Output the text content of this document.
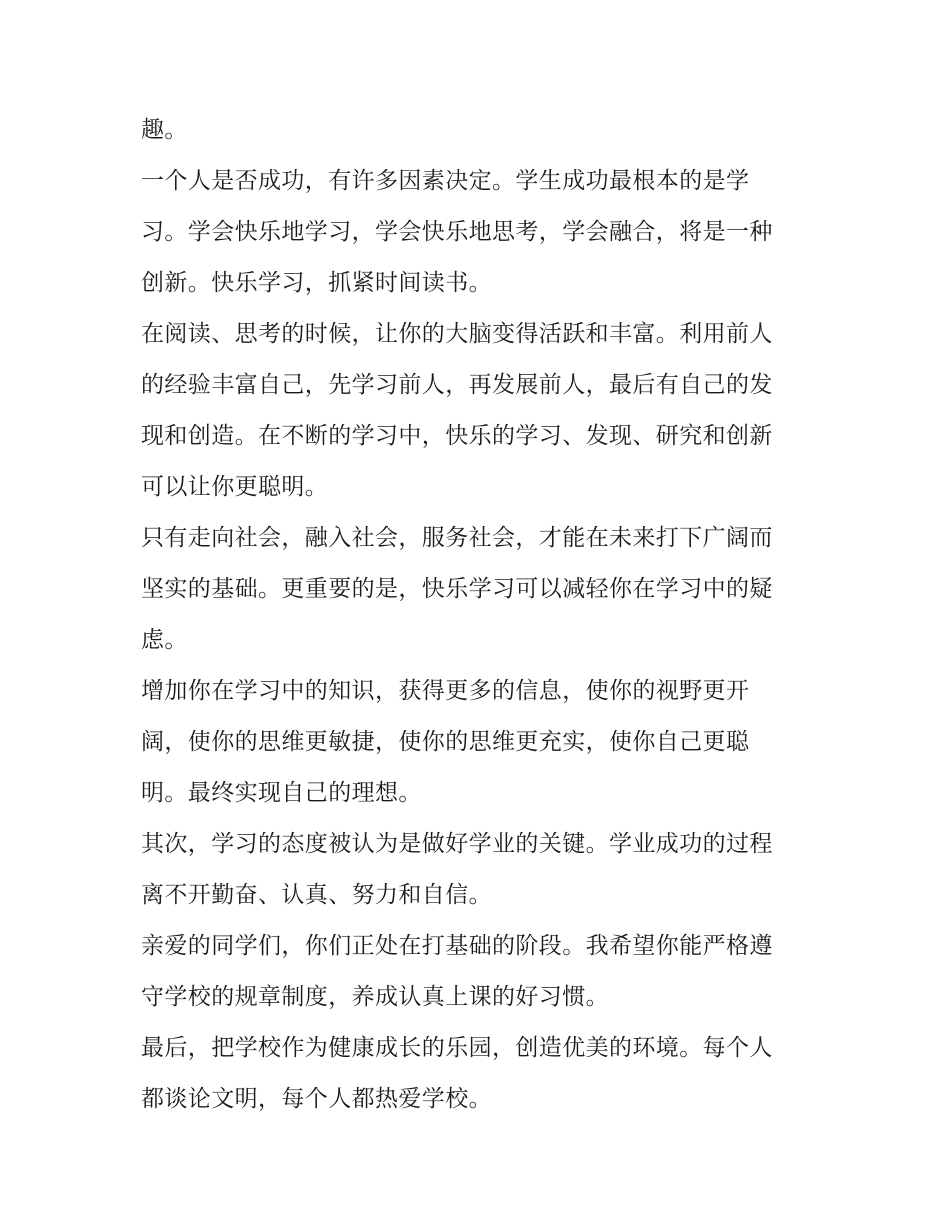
趣。

一个人是否成功，有许多因素决定。学生成功最根本的是学
习。学会快乐地学习，学会快乐地思考，学会融合，将是一种
创新。快乐学习，抓紧时间读书。

在阅读、思考的时候，让你的大脑变得活跃和丰富。利用前人
的经验丰富自己，先学习前人，再发展前人，最后有自己的发
现和创造。在不断的学习中，快乐的学习、发现、研究和创新
可以让你更聪明。

只有走向社会，融入社会，服务社会，才能在未来打下广阔而
坚实的基础。更重要的是，快乐学习可以减轻你在学习中的疑
虑。

增加你在学习中的知识，获得更多的信息，使你的视野更开
阔，使你的思维更敏捷，使你的思维更充实，使你自己更聪
明。最终实现自己的理想。

其次，学习的态度被认为是做好学业的关键。学业成功的过程
离不开勤奋、认真、努力和自信。

亲爱的同学们，你们正处在打基础的阶段。我希望你能严格遵
守学校的规章制度，养成认真上课的好习惯。

最后，把学校作为健康成长的乐园，创造优美的环境。每个人
都谈论文明，每个人都热爱学校。
